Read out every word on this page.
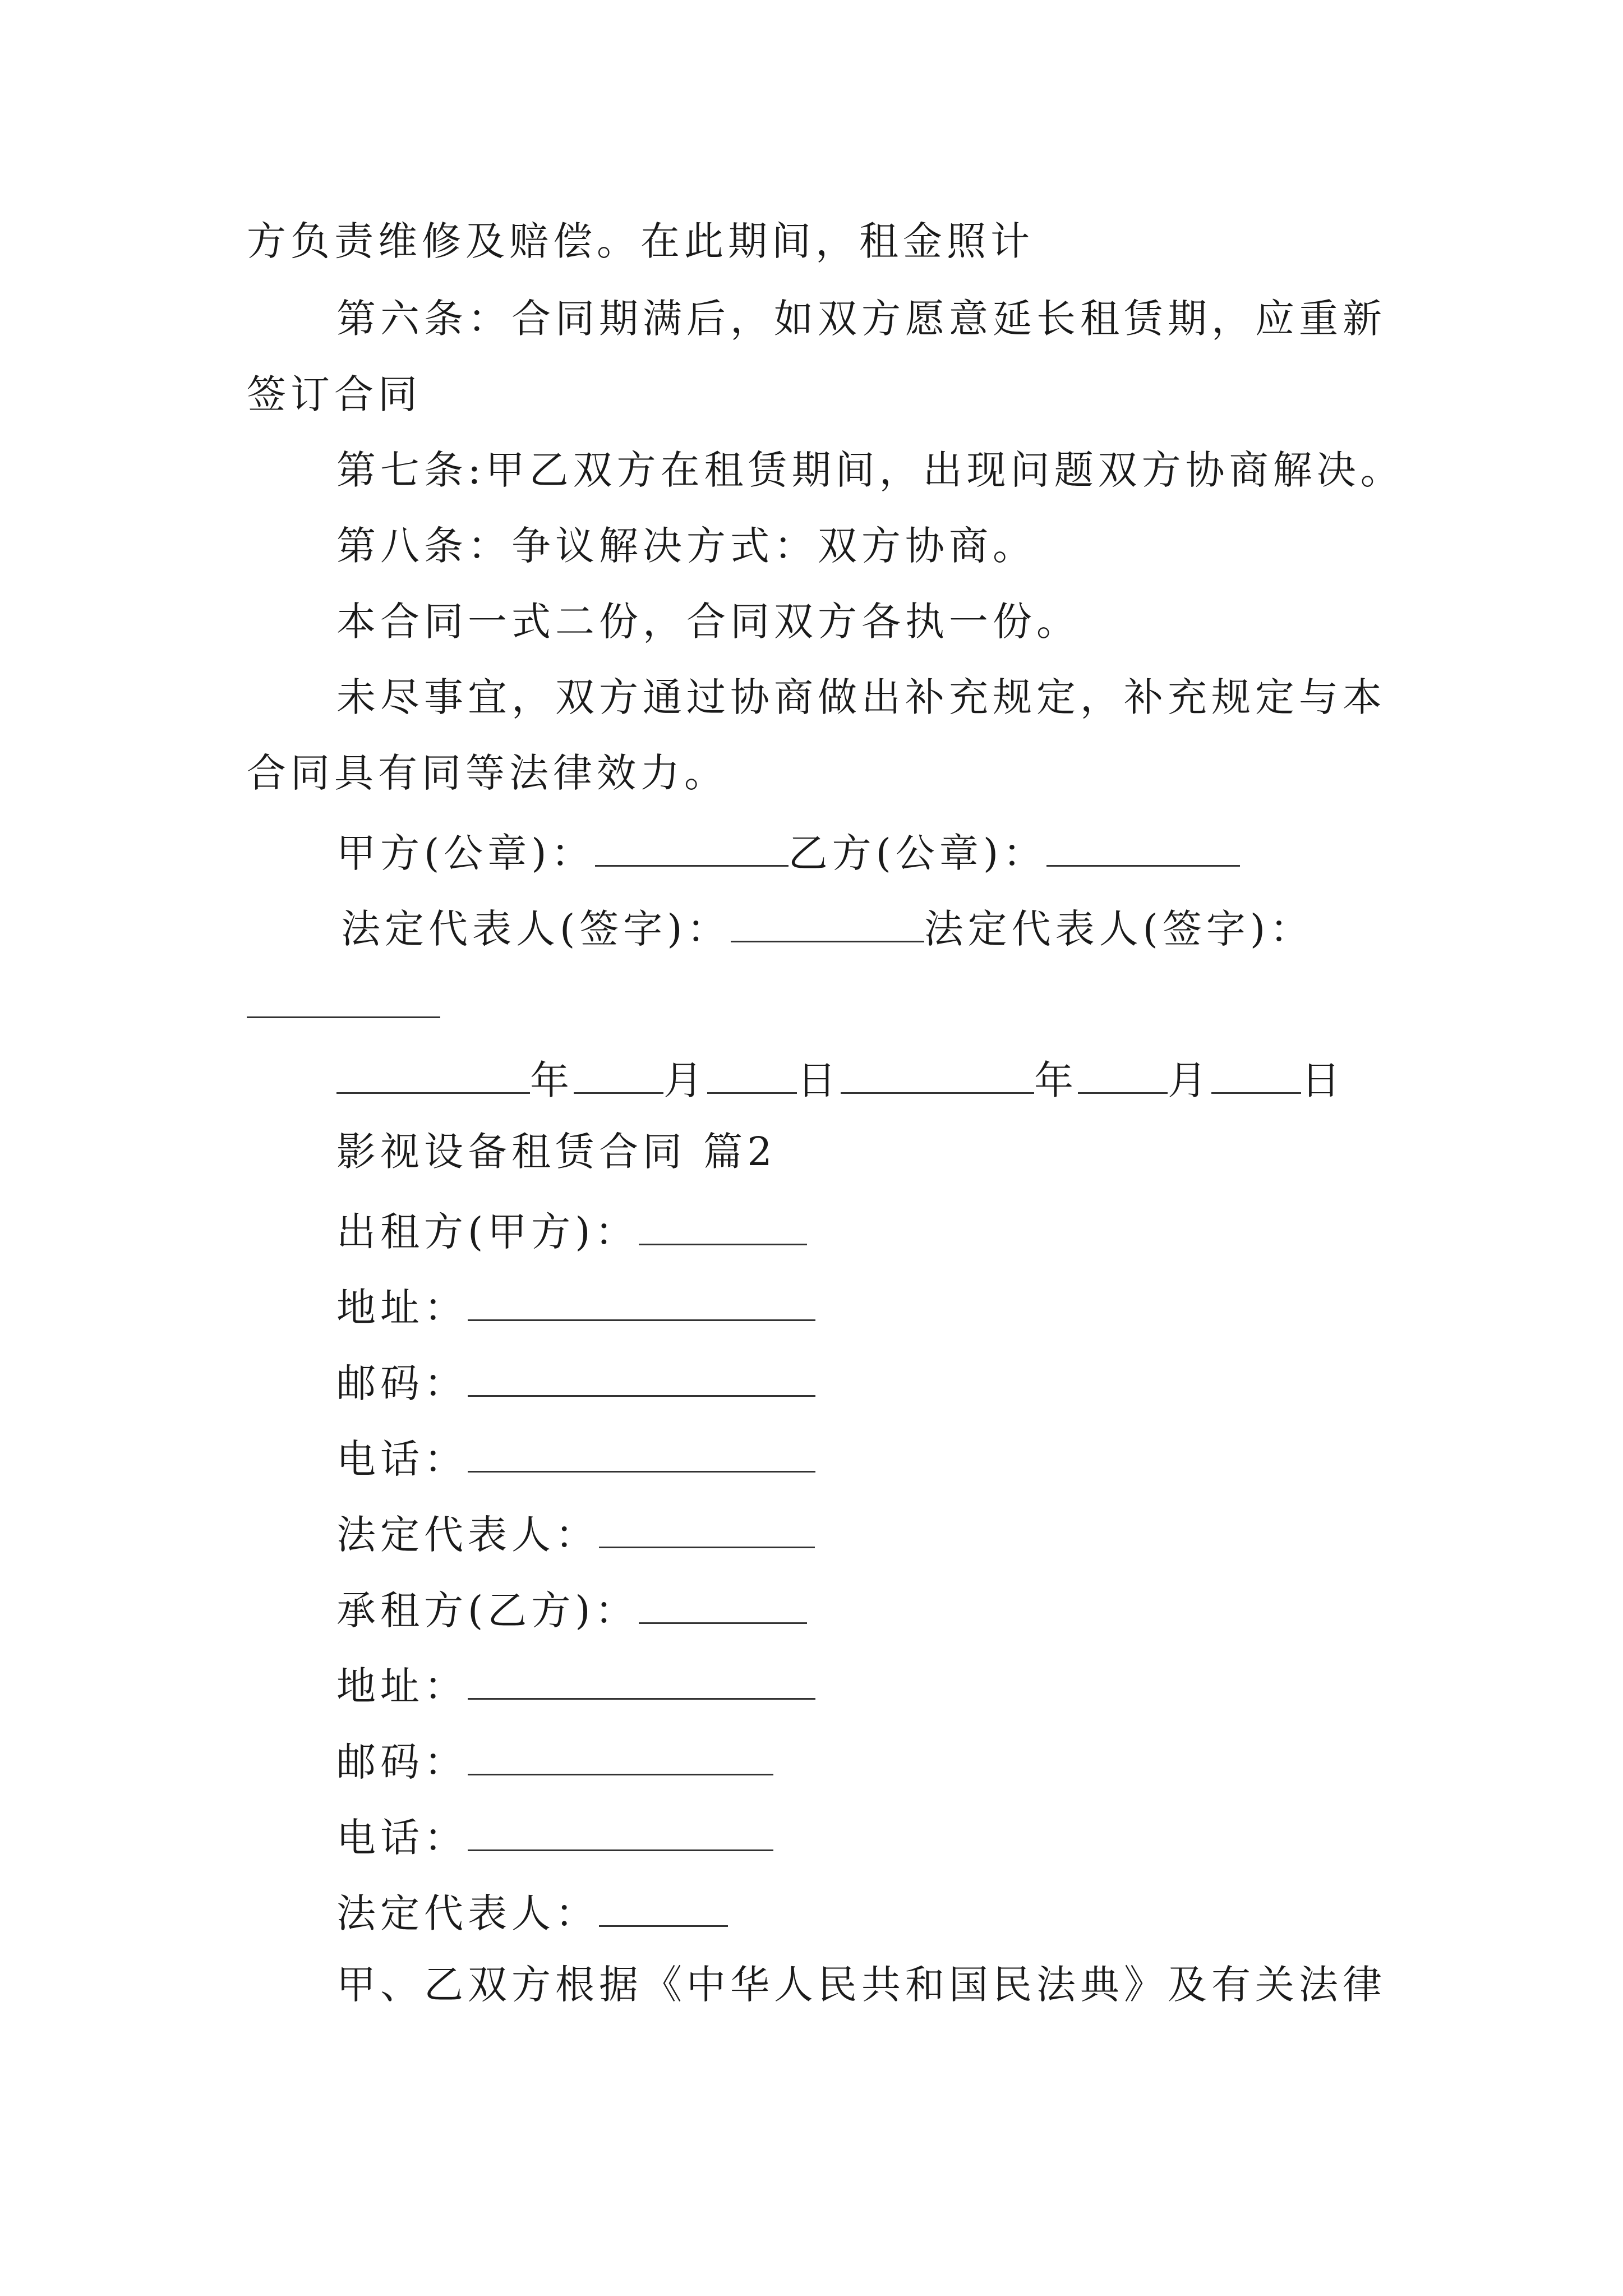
方负责维修及赔偿。在此期间，租金照计
第六条：合同期满后，如双方愿意延长租赁期，应重新
签订合同
第七条:甲乙双方在租赁期间，出现问题双方协商解决。
第八条：争议解决方式：双方协商。
本合同一式二份，合同双方各执一份。
未尽事宜，双方通过协商做出补充规定，补充规定与本
合同具有同等法律效力。
甲方(公章)：	乙方(公章)：
法定代表人(签字)：	法定代表人(签字)：
年 月 日	年 月 日
影视设备租赁合同 篇2
出租方(甲方)：
地址：
邮码：
电话：
法定代表人：
承租方(乙方)：
地址：
邮码：
电话：
法定代表人：
甲、乙双方根据《中华人民共和国民法典》及有关法律
